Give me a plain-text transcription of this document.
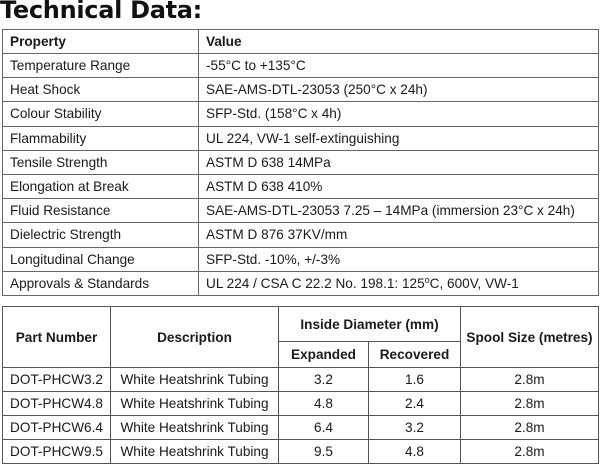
Technical Data:
Property	Value
Temperature Range	-55°C to +135°C
Heat Shock	SAE-AMS-DTL-23053 (250°C x 24h)
Colour Stability	SFP-Std. (158°C x 4h)
Flammability	UL 224, VW-1 self-extinguishing
Tensile Strength	ASTM D 638 14MPa
Elongation at Break	ASTM D 638 410%
Fluid Resistance	SAE-AMS-DTL-23053 7.25 – 14MPa (immersion 23°C x 24h)
Dielectric Strength	ASTM D 876 37KV/mm
Longitudinal Change	SFP-Std. -10%, +/-3%
Approvals & Standards	UL 224 / CSA C 22.2 No. 198.1: 125$^o$C, 600V, VW-1
Part Number	Description	Inside Diameter (mm)		Spool Size (metres)
		Expanded	Recovered	
DOT-PHCW3.2	White Heatshrink Tubing	3.2	1.6	2.8m
DOT-PHCW4.8	White Heatshrink Tubing	4.8	2.4	2.8m
DOT-PHCW6.4	White Heatshrink Tubing	6.4	3.2	2.8m
DOT-PHCW9.5	White Heatshrink Tubing	9.5	4.8	2.8m
